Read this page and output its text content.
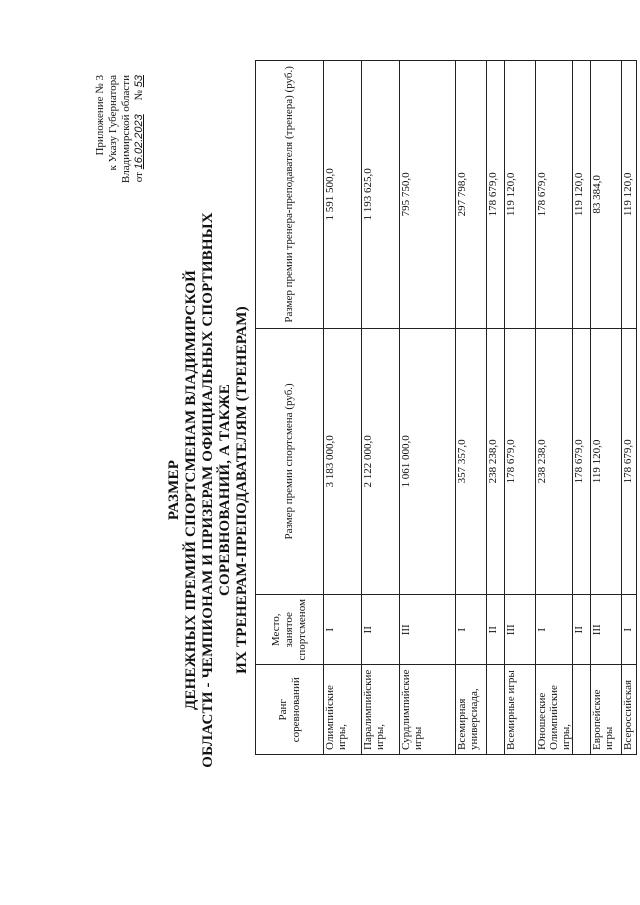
Приложение № 3 к Указу Губернатора Владимирской области от 16.02.2023     № 53
РАЗМЕР ДЕНЕЖНЫХ ПРЕМИЙ СПОРТСМЕНАМ ВЛАДИМИРСКОЙ ОБЛАСТИ - ЧЕМПИОНАМ И ПРИЗЕРАМ ОФИЦИАЛЬНЫХ СПОРТИВНЫХ СОРЕВНОВАНИЙ, А ТАКЖЕ ИХ ТРЕНЕРАМ-ПРЕПОДАВАТЕЛЯМ (ТРЕНЕРАМ)
Ранг соревнований	Место, занятое спортсменом	Размер премии спортсмена (руб.)	Размер премии тренера-преподавателя (тренера) (руб.)
Олимпийские игры,	I	3 183 000,0	1 591 500,0
Паралимпийские игры,	II	2 122 000,0	1 193 625,0
Сурдлимпийские игры	III	1 061 000,0	795 750,0
Всемирная универсиада,	I	357 357,0	297 798,0
	II	238 238,0	178 679,0
Всемирные игры	III	178 679,0	119 120,0
Юношеские Олимпийские игры,	I	238 238,0	178 679,0
	II	178 679,0	119 120,0
Европейские игры	III	119 120,0	83 384,0
Всероссийская	I	178 679,0	119 120,0
